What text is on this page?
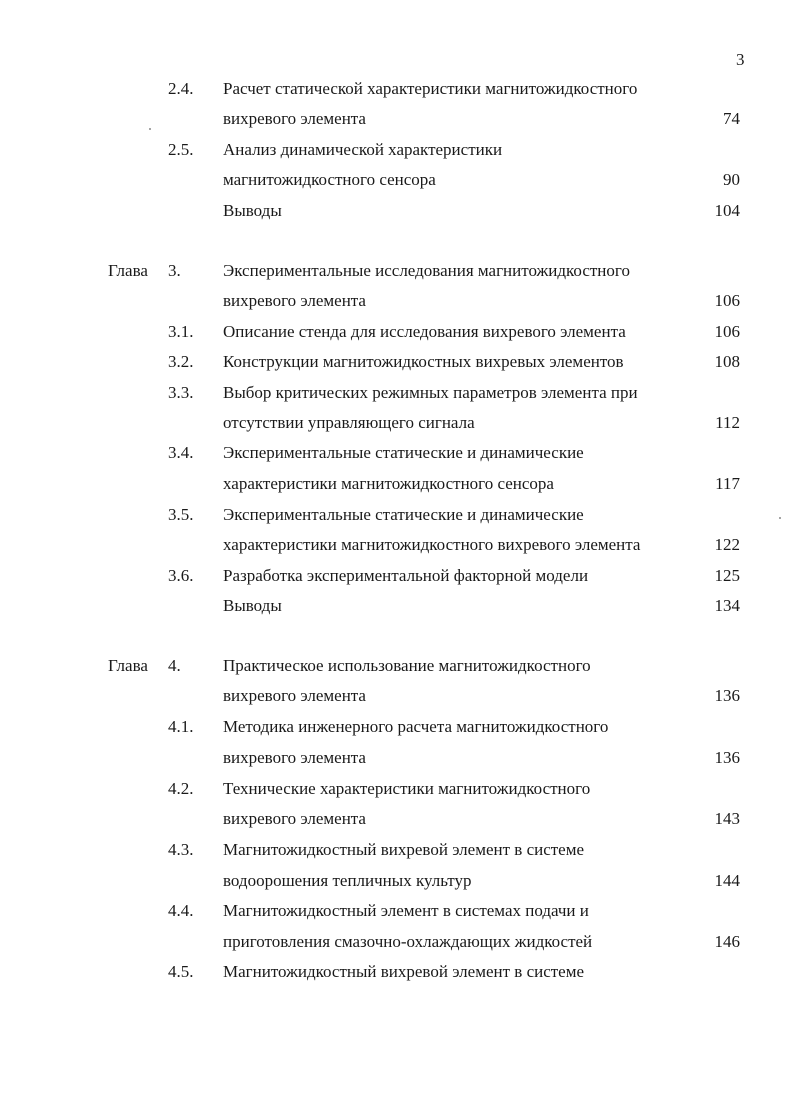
3
2.4. Расчет статической характеристики магнитожидкостного
вихревого элемента	74
2.5. Анализ динамической характеристики
магнитожидкостного сенсора	90
Выводы	104
Глава 3. Экспериментальные исследования магнитожидкостного
вихревого элемента	106
3.1. Описание стенда для исследования вихревого элемента	106
3.2. Конструкции магнитожидкостных вихревых элементов	108
3.3. Выбор критических режимных параметров элемента при
отсутствии управляющего сигнала	112
3.4. Экспериментальные статические и динамические
характеристики магнитожидкостного сенсора	117
3.5. Экспериментальные статические и динамические
характеристики магнитожидкостного вихревого элемента	122
3.6. Разработка экспериментальной факторной модели	125
Выводы	134
Глава 4. Практическое использование магнитожидкостного
вихревого элемента	136
4.1. Методика инженерного расчета магнитожидкостного
вихревого элемента	136
4.2. Технические характеристики магнитожидкостного
вихревого элемента	143
4.3. Магнитожидкостный вихревой элемент в системе
водоорошения тепличных культур	144
4.4. Магнитожидкостный элемент в системах подачи и
приготовления смазочно-охлаждающих жидкостей	146
4.5. Магнитожидкостный вихревой элемент в системе
